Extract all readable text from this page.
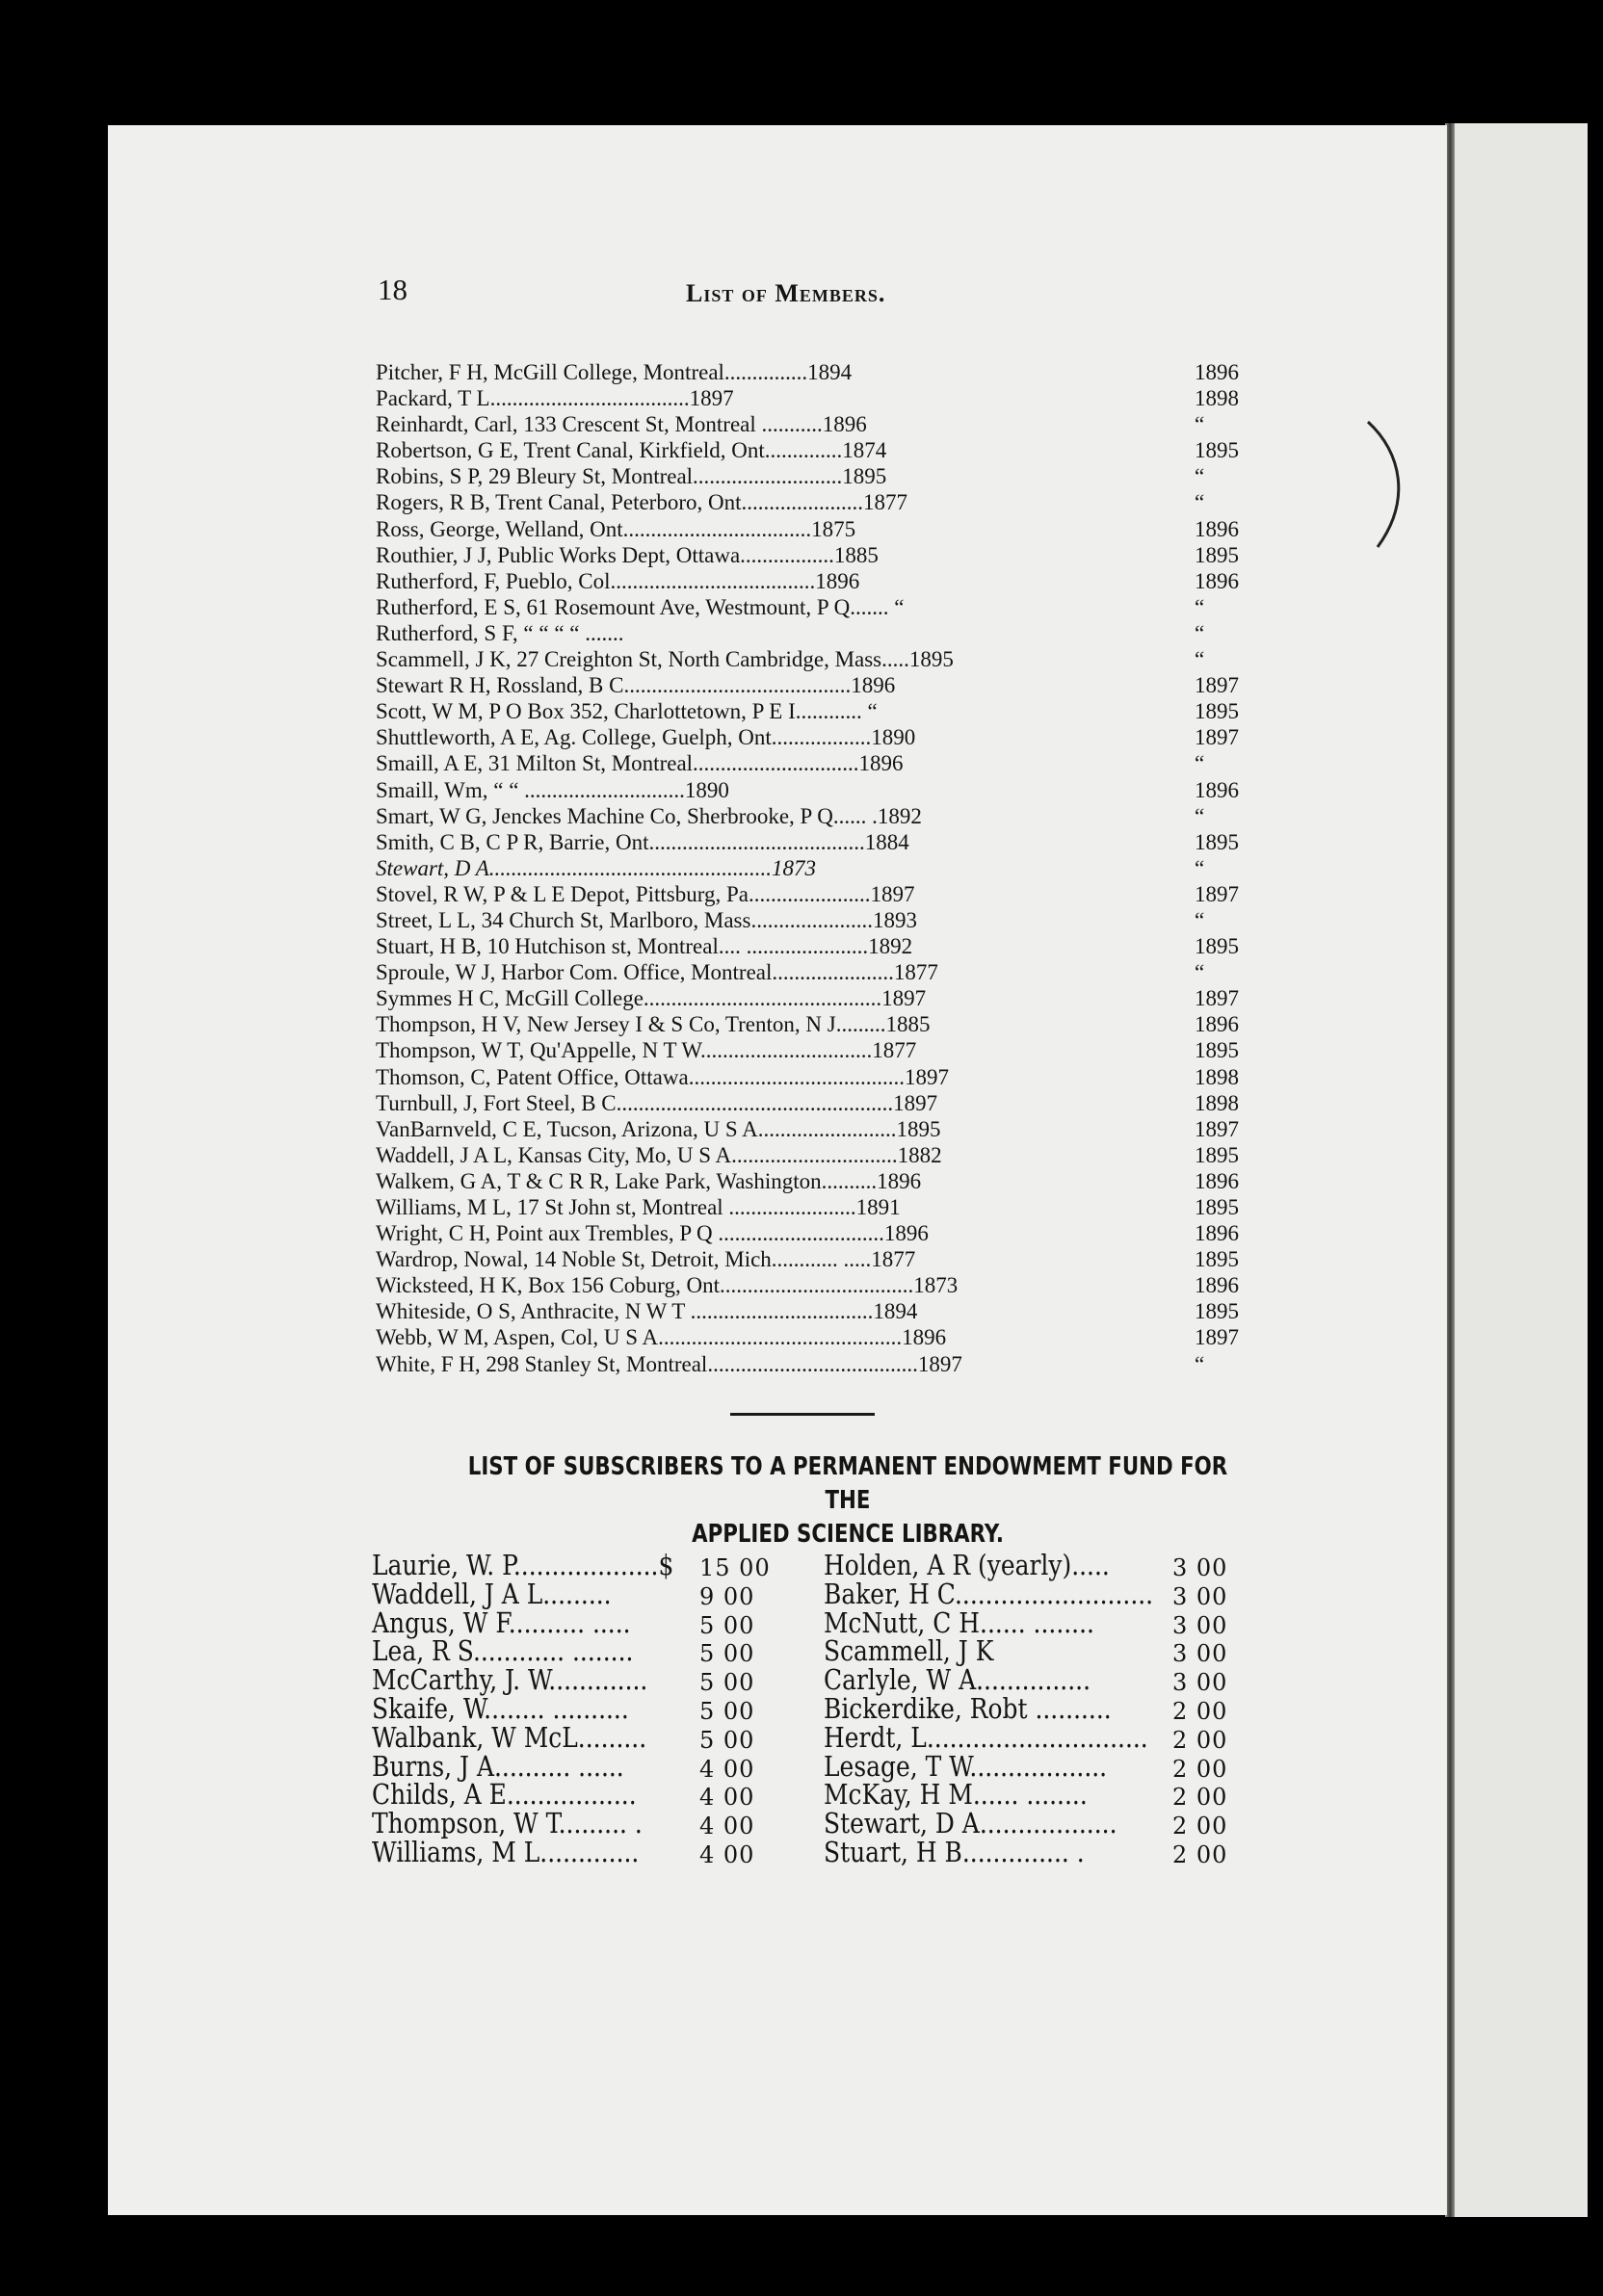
18	List of Members.
Pitcher, F H, McGill College, Montreal...............1894	1896
Packard, T L....................................1897	1898
Reinhardt, Carl, 133 Crescent St, Montreal ...........1896	“
Robertson, G E, Trent Canal, Kirkfield, Ont..............1874	1895
Robins, S P, 29 Bleury St, Montreal...........................1895	“
Rogers, R B, Trent Canal, Peterboro, Ont......................1877	“
Ross, George, Welland, Ont..................................1875	1896
Routhier, J J, Public Works Dept, Ottawa.................1885	1895
Rutherford, F, Pueblo, Col.....................................1896	1896
Rutherford, E S, 61 Rosemount Ave, Westmount, P Q....... “	“
Rutherford, S F, “ “ “ “ .......	“
Scammell, J K, 27 Creighton St, North Cambridge, Mass.....1895	“
Stewart R H, Rossland, B C.........................................1896	1897
Scott, W M, P O Box 352, Charlottetown, P E I............ “	1895
Shuttleworth, A E, Ag. College, Guelph, Ont..................1890	1897
Smaill, A E, 31 Milton St, Montreal..............................1896	“
Smaill, Wm, “ “ .............................1890	1896
Smart, W G, Jenckes Machine Co, Sherbrooke, P Q...... .1892	“
Smith, C B, C P R, Barrie, Ont.......................................1884	1895
Stewart, D A...................................................1873	“
Stovel, R W, P & L E Depot, Pittsburg, Pa......................1897	1897
Street, L L, 34 Church St, Marlboro, Mass......................1893	“
Stuart, H B, 10 Hutchison st, Montreal.... ......................1892	1895
Sproule, W J, Harbor Com. Office, Montreal......................1877	“
Symmes H C, McGill College...........................................1897	1897
Thompson, H V, New Jersey I & S Co, Trenton, N J.........1885	1896
Thompson, W T, Qu'Appelle, N T W...............................1877	1895
Thomson, C, Patent Office, Ottawa.......................................1897	1898
Turnbull, J, Fort Steel, B C..................................................1897	1898
VanBarnveld, C E, Tucson, Arizona, U S A.........................1895	1897
Waddell, J A L, Kansas City, Mo, U S A..............................1882	1895
Walkem, G A, T & C R R, Lake Park, Washington..........1896	1896
Williams, M L, 17 St John st, Montreal .......................1891	1895
Wright, C H, Point aux Trembles, P Q ..............................1896	1896
Wardrop, Nowal, 14 Noble St, Detroit, Mich............ .....1877	1895
Wicksteed, H K, Box 156 Coburg, Ont...................................1873	1896
Whiteside, O S, Anthracite, N W T .................................1894	1895
Webb, W M, Aspen, Col, U S A............................................1896	1897
White, F H, 298 Stanley St, Montreal......................................1897	“
LIST OF SUBSCRIBERS TO A PERMANENT ENDOWMEMT FUND FOR THE
APPLIED SCIENCE LIBRARY.
Laurie, W. P...................$ 15 00
Waddell, J A L.........	9 00
Angus, W F.......... .....	5 00
Lea, R S............ ........	5 00
McCarthy, J. W............. 5 00
Skaife, W........ ..........	5 00
Walbank, W McL......... 5 00
Burns, J A.......... ......	4 00
Childs, A E.................	4 00
Thompson, W T......... . 4 00
Williams, M L.............	4 00
Holden, A R (yearly).....	3 00
Baker, H C.......................... 3 00
McNutt, C H...... ........	3 00
Scammell, J K	3 00
Carlyle, W A...............	3 00
Bickerdike, Robt ..........	2 00
Herdt, L............................. 2 00
Lesage, T W..................	2 00
McKay, H M...... ........	2 00
Stewart, D A.................. 2 00
Stuart, H B.............. .	2 00
